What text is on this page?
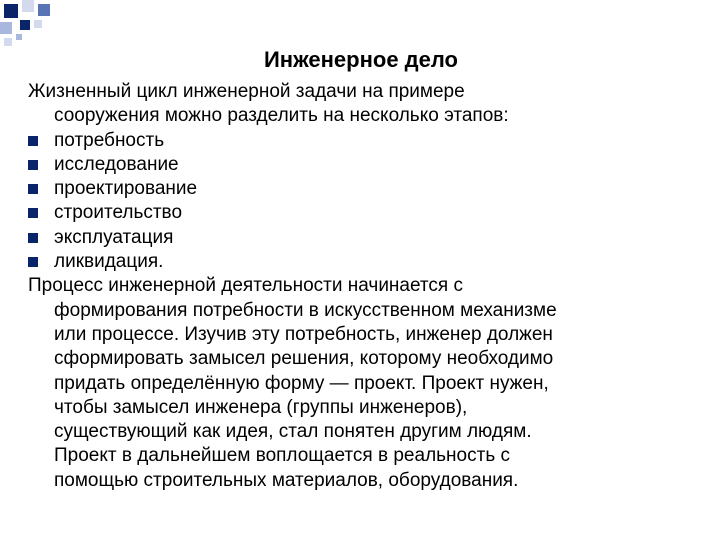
Инженерное дело

Жизненный цикл инженерной задачи на примере
сооружения можно разделить на несколько этапов:

потребность
исследование
проектирование
строительство
эксплуатация
ликвидация.

Процесс инженерной деятельности начинается с
формирования потребности в искусственном механизме
или процессе. Изучив эту потребность, инженер должен
сформировать замысел решения, которому необходимо
придать определённую форму — проект. Проект нужен,
чтобы замысел инженера (группы инженеров),
существующий как идея, стал понятен другим людям.
Проект в дальнейшем воплощается в реальность с
помощью строительных материалов, оборудования.
